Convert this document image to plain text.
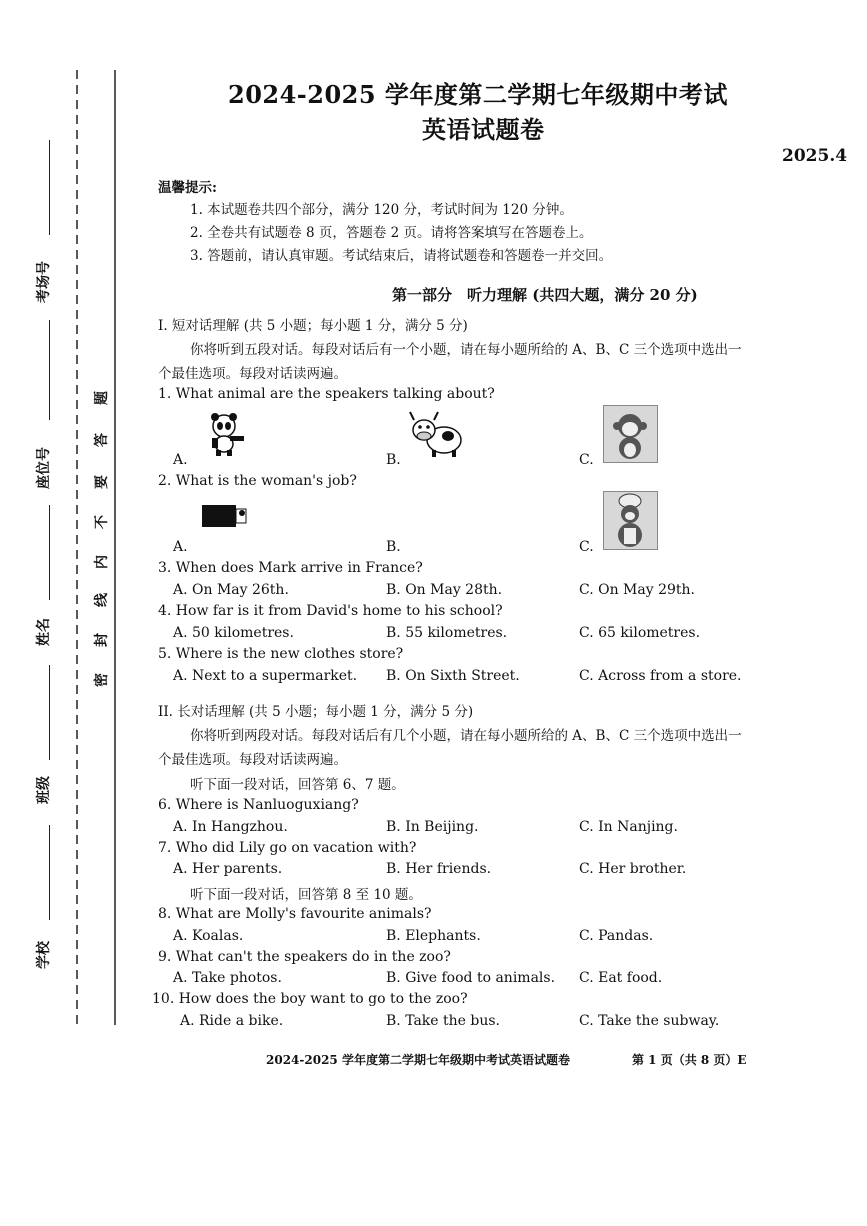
考场号
座位号
姓名
班级
学校
密
封
线
内
不
要
答
题
2024-2025 学年度第二学期七年级期中考试
英语试题卷
2025.4
温馨提示:
1. 本试题卷共四个部分，满分 120 分，考试时间为 120 分钟。
2. 全卷共有试题卷 8 页，答题卷 2 页。请将答案填写在答题卷上。
3. 答题前，请认真审题。考试结束后，请将试题卷和答题卷一并交回。
第一部分　听力理解 (共四大题，满分 20 分)
I. 短对话理解 (共 5 小题；每小题 1 分，满分 5 分)
你将听到五段对话。每段对话后有一个小题，请在每小题所给的 A、B、C 三个选项中选出一
个最佳选项。每段对话读两遍。
1. What animal are the speakers talking about?
A.	B.	C.
2. What is the woman's job?
A.	B.	C.
3. When does Mark arrive in France?
A. On May 26th.	B. On May 28th.	C. On May 29th.
4. How far is it from David's home to his school?
A. 50 kilometres.	B. 55 kilometres.	C. 65 kilometres.
5. Where is the new clothes store?
A. Next to a supermarket. B. On Sixth Street.	C. Across from a store.
II. 长对话理解 (共 5 小题；每小题 1 分，满分 5 分)
你将听到两段对话。每段对话后有几个小题，请在每小题所给的 A、B、C 三个选项中选出一
个最佳选项。每段对话读两遍。
听下面一段对话，回答第 6、7 题。
6. Where is Nanluoguxiang?
A. In Hangzhou.	B. In Beijing.	C. In Nanjing.
7. Who did Lily go on vacation with?
A. Her parents.	B. Her friends.	C. Her brother.
听下面一段对话，回答第 8 至 10 题。
8. What are Molly's favourite animals?
A. Koalas.	B. Elephants.	C. Pandas.
9. What can't the speakers do in the zoo?
A. Take photos.	B. Give food to animals. C. Eat food.
10. How does the boy want to go to the zoo?
A. Ride a bike.	B. Take the bus.	C. Take the subway.
2024-2025 学年度第二学期七年级期中考试英语试题卷	第 1 页（共 8 页）E
